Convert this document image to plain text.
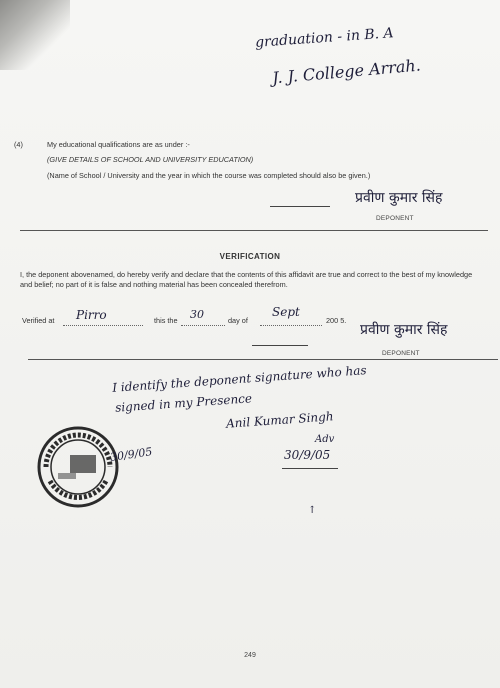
graduation - in B. A
J. J. College Arrah.
(4)	My educational qualifications are as under :-
(GIVE DETAILS OF SCHOOL AND UNIVERSITY EDUCATION)
(Name of School / University and the year in which the course was completed should also be given.)
प्रवीण कुमार सिंह
DEPONENT
VERIFICATION
I, the deponent abovenamed, do hereby verify and declare that the contents of this affidavit are true and correct to the best of my knowledge and belief; no part of it is false and nothing material has been concealed therefrom.
Verified at Pirro	this the 30	day of
Sept
200 5.
प्रवीण कुमार सिंह
DEPONENT
I identify the deponent signature who has
signed in my Presence
Anil Kumar Singh
Adv
30/9/05
30/9/05
↑
249
